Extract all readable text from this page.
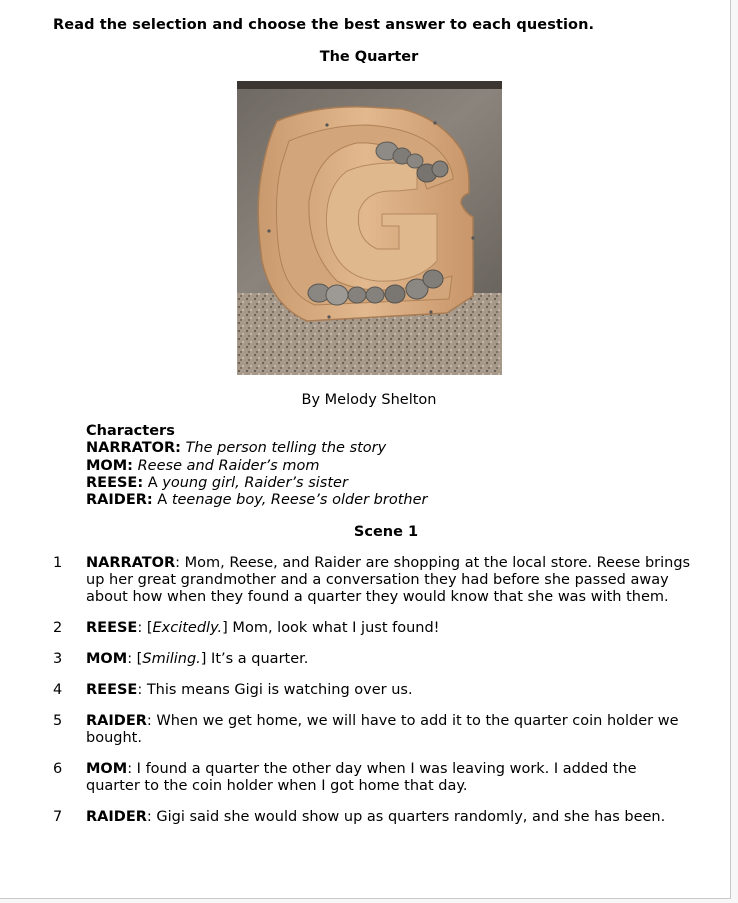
Read the selection and choose the best answer to each question.
The Quarter
By Melody Shelton
Characters
NARRATOR: The person telling the story
MOM: Reese and Raider’s mom
REESE: A young girl, Raider’s sister
RAIDER: A teenage boy, Reese’s older brother
Scene 1
1 NARRATOR: Mom, Reese, and Raider are shopping at the local store. Reese brings up her great grandmother and a conversation they had before she passed away about how when they found a quarter they would know that she was with them.
2 REESE: [Excitedly.] Mom, look what I just found!
3 MOM: [Smiling.] It’s a quarter.
4 REESE: This means Gigi is watching over us.
5 RAIDER: When we get home, we will have to add it to the quarter coin holder we bought.
6 MOM: I found a quarter the other day when I was leaving work. I added the quarter to the coin holder when I got home that day.
7 RAIDER: Gigi said she would show up as quarters randomly, and she has been.
